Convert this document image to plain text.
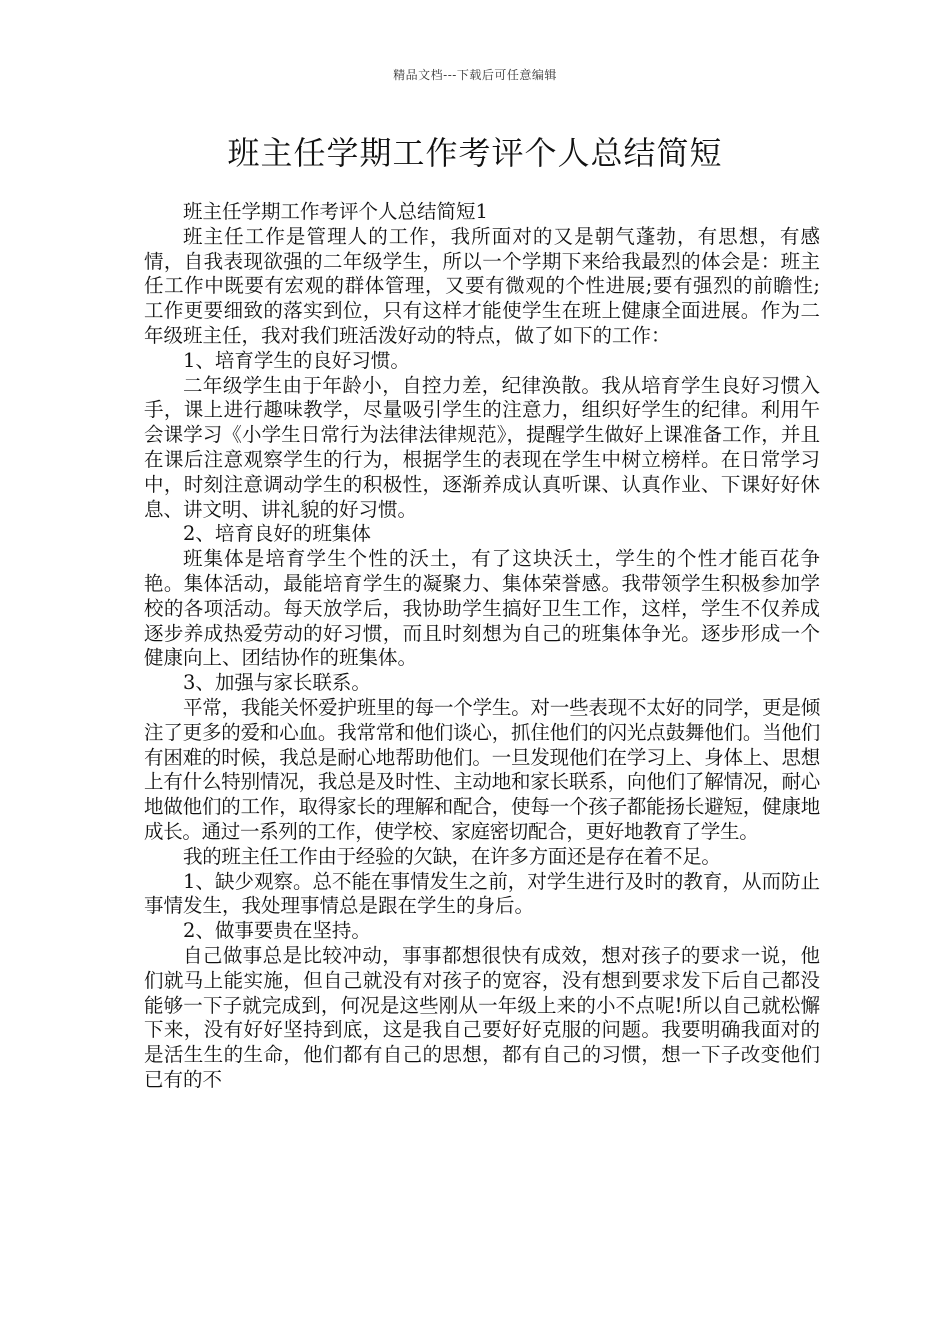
精品文档---下载后可任意编辑
班主任学期工作考评个人总结简短

班主任学期工作考评个人总结简短1

班主任工作是管理人的工作，我所面对的又是朝气蓬勃，有思想，有感情，自我表现欲强的二年级学生，所以一个学期下来给我最烈的体会是：班主任工作中既要有宏观的群体管理，又要有微观的个性进展;要有强烈的前瞻性;工作更要细致的落实到位，只有这样才能使学生在班上健康全面进展。作为二年级班主任，我对我们班活泼好动的特点，做了如下的工作：

1、培育学生的良好习惯。

二年级学生由于年龄小，自控力差，纪律涣散。我从培育学生良好习惯入手，课上进行趣味教学，尽量吸引学生的注意力，组织好学生的纪律。利用午会课学习《小学生日常行为法律法律规范》，提醒学生做好上课准备工作，并且在课后注意观察学生的行为，根据学生的表现在学生中树立榜样。在日常学习中，时刻注意调动学生的积极性，逐渐养成认真听课、认真作业、下课好好休息、讲文明、讲礼貌的好习惯。

2、培育良好的班集体

班集体是培育学生个性的沃土，有了这块沃土，学生的个性才能百花争艳。集体活动，最能培育学生的凝聚力、集体荣誉感。我带领学生积极参加学校的各项活动。每天放学后，我协助学生搞好卫生工作，这样，学生不仅养成逐步养成热爱劳动的好习惯，而且时刻想为自己的班集体争光。逐步形成一个健康向上、团结协作的班集体。

3、加强与家长联系。

平常，我能关怀爱护班里的每一个学生。对一些表现不太好的同学，更是倾注了更多的爱和心血。我常常和他们谈心，抓住他们的闪光点鼓舞他们。当他们有困难的时候，我总是耐心地帮助他们。一旦发现他们在学习上、身体上、思想上有什么特别情况，我总是及时性、主动地和家长联系，向他们了解情况，耐心地做他们的工作，取得家长的理解和配合，使每一个孩子都能扬长避短，健康地成长。通过一系列的工作，使学校、家庭密切配合，更好地教育了学生。

我的班主任工作由于经验的欠缺，在许多方面还是存在着不足。

1、缺少观察。总不能在事情发生之前，对学生进行及时的教育，从而防止事情发生，我处理事情总是跟在学生的身后。

2、做事要贵在坚持。

自己做事总是比较冲动，事事都想很快有成效，想对孩子的要求一说，他们就马上能实施，但自己就没有对孩子的宽容，没有想到要求发下后自己都没能够一下子就完成到，何况是这些刚从一年级上来的小不点呢!所以自己就松懈下来，没有好好坚持到底，这是我自己要好好克服的问题。我要明确我面对的是活生生的生命，他们都有自己的思想，都有自己的习惯，想一下子改变他们已有的不
